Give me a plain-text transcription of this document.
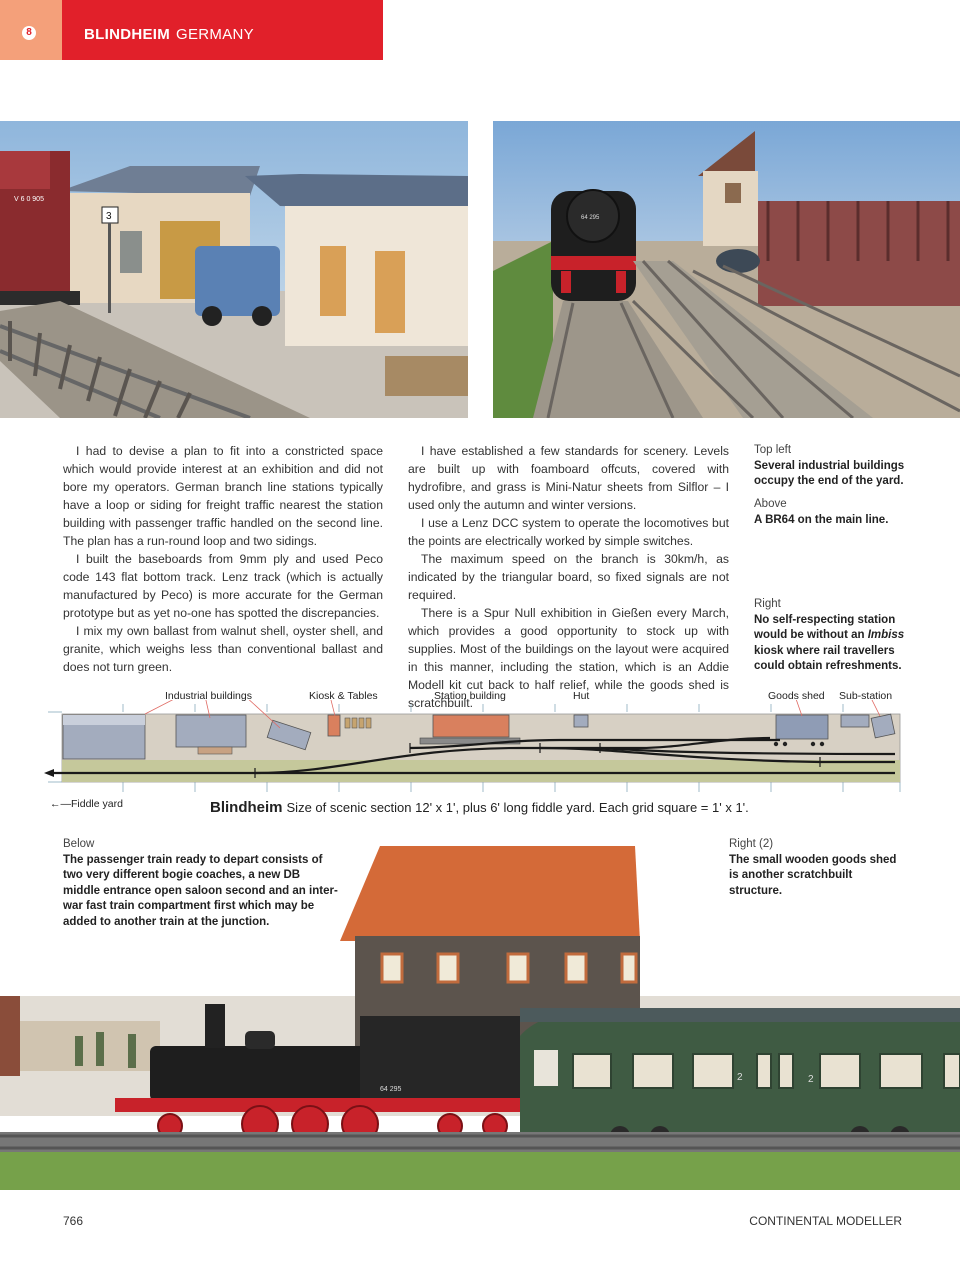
8	BLINDHEIM GERMANY
V 6 0 905
3	64 295

I had to devise a plan to fit into a constricted space which would provide interest at an exhibition and did not bore my operators. German branch line stations typically have a loop or siding for freight traffic nearest the station building with passenger traffic handled on the second line. The plan has a run-round loop and two sidings.

I built the baseboards from 9mm ply and used Peco code 143 flat bottom track. Lenz track (which is actually manufactured by Peco) is more accurate for the German prototype but as yet no-one has spotted the discrepancies.

I mix my own ballast from walnut shell, oyster shell, and granite, which weighs less than conventional ballast and does not turn green.

I have established a few standards for scenery. Levels are built up with foamboard offcuts, covered with hydrofibre, and grass is Mini-Natur sheets from Silflor – I used only the autumn and winter versions.

I use a Lenz DCC system to operate the locomotives but the points are electrically worked by simple switches.

The maximum speed on the branch is 30km/h, as indicated by the triangular board, so fixed signals are not required.

There is a Spur Null exhibition in Gießen every March, which provides a good opportunity to stock up with supplies. Most of the buildings on the layout were acquired in this manner, including the station, which is an Addie Modell kit cut back to half relief, while the goods shed is scratchbuilt.

Top left
Several industrial buildings occupy the end of the yard.
Above
A BR64 on the main line.
Right
No self-respecting station would be without an Imbiss kiosk where rail travellers could obtain refreshments.
Industrial buildings	Kiosk & Tables	Station building	Hut	Goods shed Sub-station
←—Fiddle yard	Blindheim Size of scenic section 12' x 1', plus 6' long fiddle yard. Each grid square = 1' x 1'.
64 295
2	2
Below
The passenger train ready to depart consists of two very different bogie coaches, a new DB middle entrance open saloon second and an inter-war fast train compartment first which may be added to another train at the junction.
Right (2)
The small wooden goods shed is another scratchbuilt structure.
766	CONTINENTAL MODELLER
